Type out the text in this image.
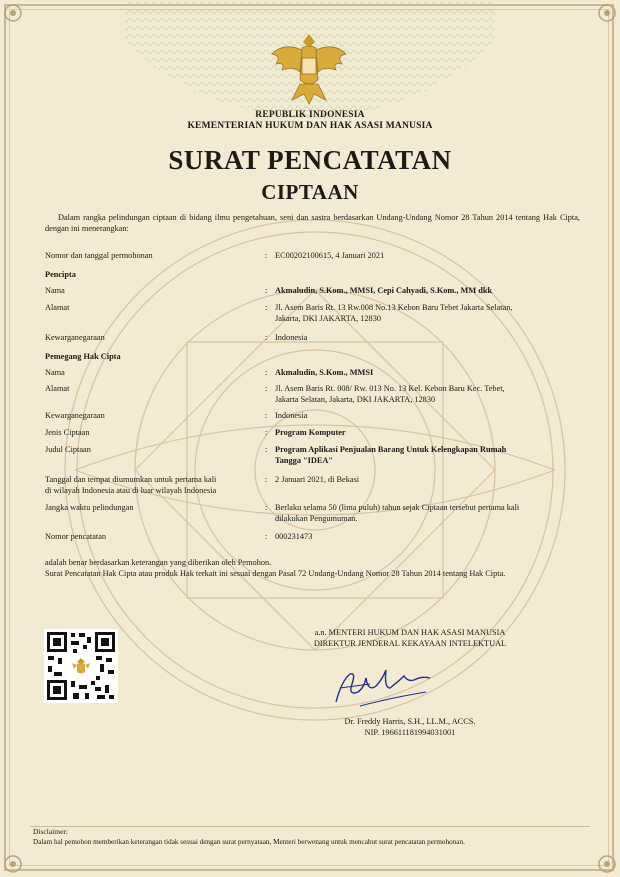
REPUBLIK INDONESIA
KEMENTERIAN HUKUM DAN HAK ASASI MANUSIA
SURAT PENCATATAN
CIPTAAN
Dalam rangka pelindungan ciptaan di bidang ilmu pengetahuan, seni dan sastra berdasarkan Undang-Undang Nomor 28 Tahun 2014 tentang Hak Cipta, dengan ini menerangkan:
Nomor dan tanggal permohonan	: EC00202100615, 4 Januari 2021
Pencipta
Nama	: Akmaludin, S.Kom., MMSI, Cepi Cahyadi, S.Kom., MM dkk
Alamat	: Jl. Asem Baris Rt. 13 Rw.008 No.13 Kebon Baru Tebet Jakarta Selatan,
Jakarta, DKI JAKARTA, 12830
Kewarganegaraan	: Indonesia
Pemegang Hak Cipta
Nama	: Akmaludin, S.Kom., MMSI
Alamat	: Jl. Asem Baris Rt. 008/ Rw. 013 No. 13 Kel. Kebon Baru Kec. Tebet,
Jakarta Selatan, Jakarta, DKI JAKARTA, 12830
Kewarganegaraan	: Indonesia
Jenis Ciptaan	: Program Komputer
Judul Ciptaan	: Program Aplikasi Penjualan Barang Untuk Kelengkapan Rumah
Tangga "IDEA"
Tanggal dan tempat diumumkan untuk pertama kali
di wilayah Indonesia atau di luar wilayah Indonesia
: 2 Januari 2021, di Bekasi
Jangka waktu pelindungan	: Berlaku selama 50 (lima puluh) tahun sejak Ciptaan tersebut pertama kali
dilakukan Pengumuman.
Nomor pencatatan	: 000231473
adalah benar berdasarkan keterangan yang diberikan oleh Pemohon.
Surat Pencatatan Hak Cipta atau produk Hak terkait ini sesuai dengan Pasal 72 Undang-Undang Nomor 28 Tahun 2014 tentang Hak Cipta.
a.n. MENTERI HUKUM DAN HAK ASASI MANUSIA
DIREKTUR JENDERAL KEKAYAAN INTELEKTUAL
Dr. Freddy Harris, S.H., LL.M., ACCS.
NIP. 196611181994031001
Disclaimer:
Dalam hal pemohon memberikan keterangan tidak sesuai dengan surat pernyataan, Menteri berwenang untuk mencabut surat pencatatan permohonan.
